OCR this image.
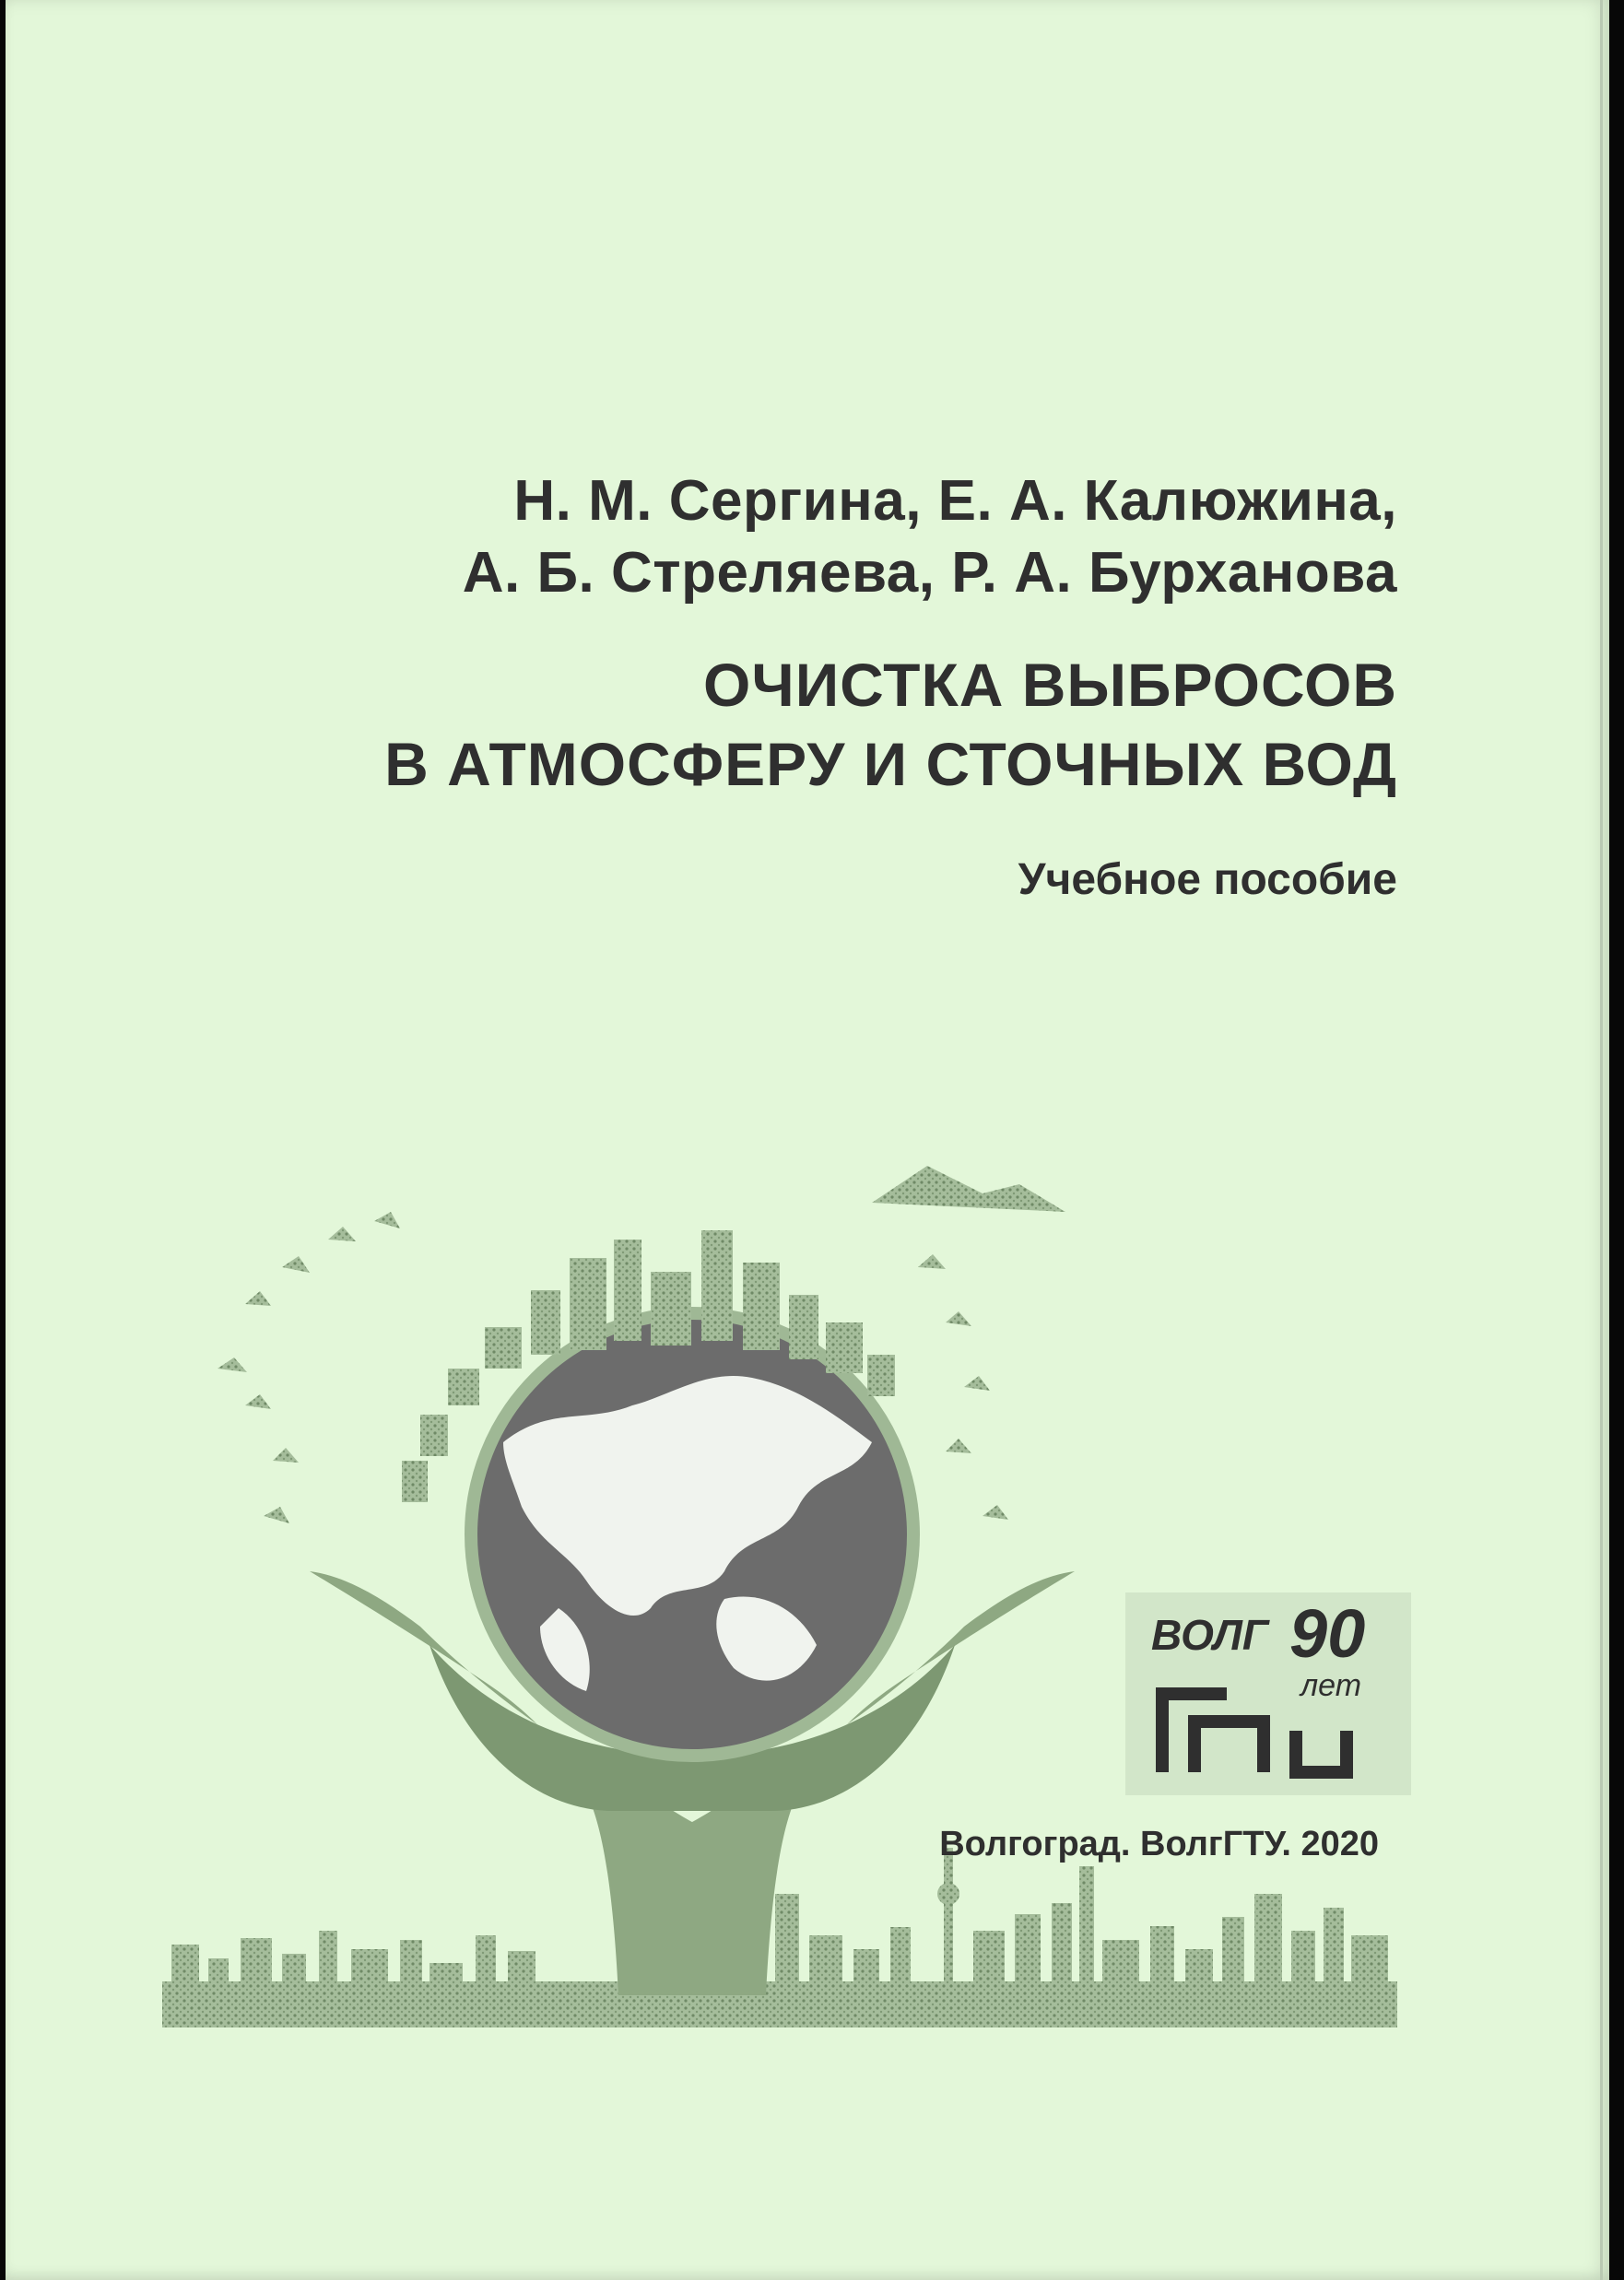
Н. М. Сергина, Е. А. Калюжина,
А. Б. Стреляева, Р. А. Бурханова
ОЧИСТКА ВЫБРОСОВ
В АТМОСФЕРУ И СТОЧНЫХ ВОД
Учебное пособие
ВОЛГ 90
лет
ГТУ
Волгоград. ВолгГТУ. 2020
